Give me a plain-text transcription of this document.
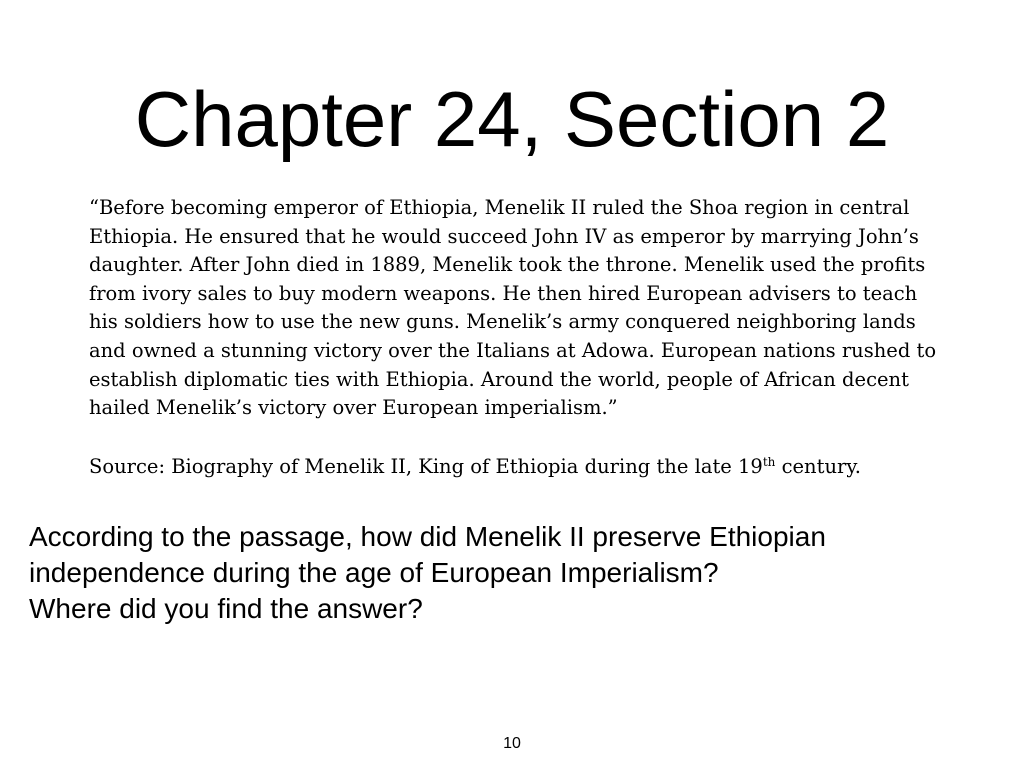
Chapter 24, Section 2

“Before becoming emperor of Ethiopia, Menelik II ruled the Shoa region in central
Ethiopia. He ensured that he would succeed John IV as emperor by marrying John’s
daughter. After John died in 1889, Menelik took the throne. Menelik used the profits
from ivory sales to buy modern weapons. He then hired European advisers to teach
his soldiers how to use the new guns. Menelik’s army conquered neighboring lands
and owned a stunning victory over the Italians at Adowa. European nations rushed to
establish diplomatic ties with Ethiopia. Around the world, people of African decent
hailed Menelik’s victory over European imperialism.”

Source: Biography of Menelik II, King of Ethiopia during the late 19th century.

According to the passage, how did Menelik II preserve Ethiopian
independence during the age of European Imperialism?
Where did you find the answer?

10
